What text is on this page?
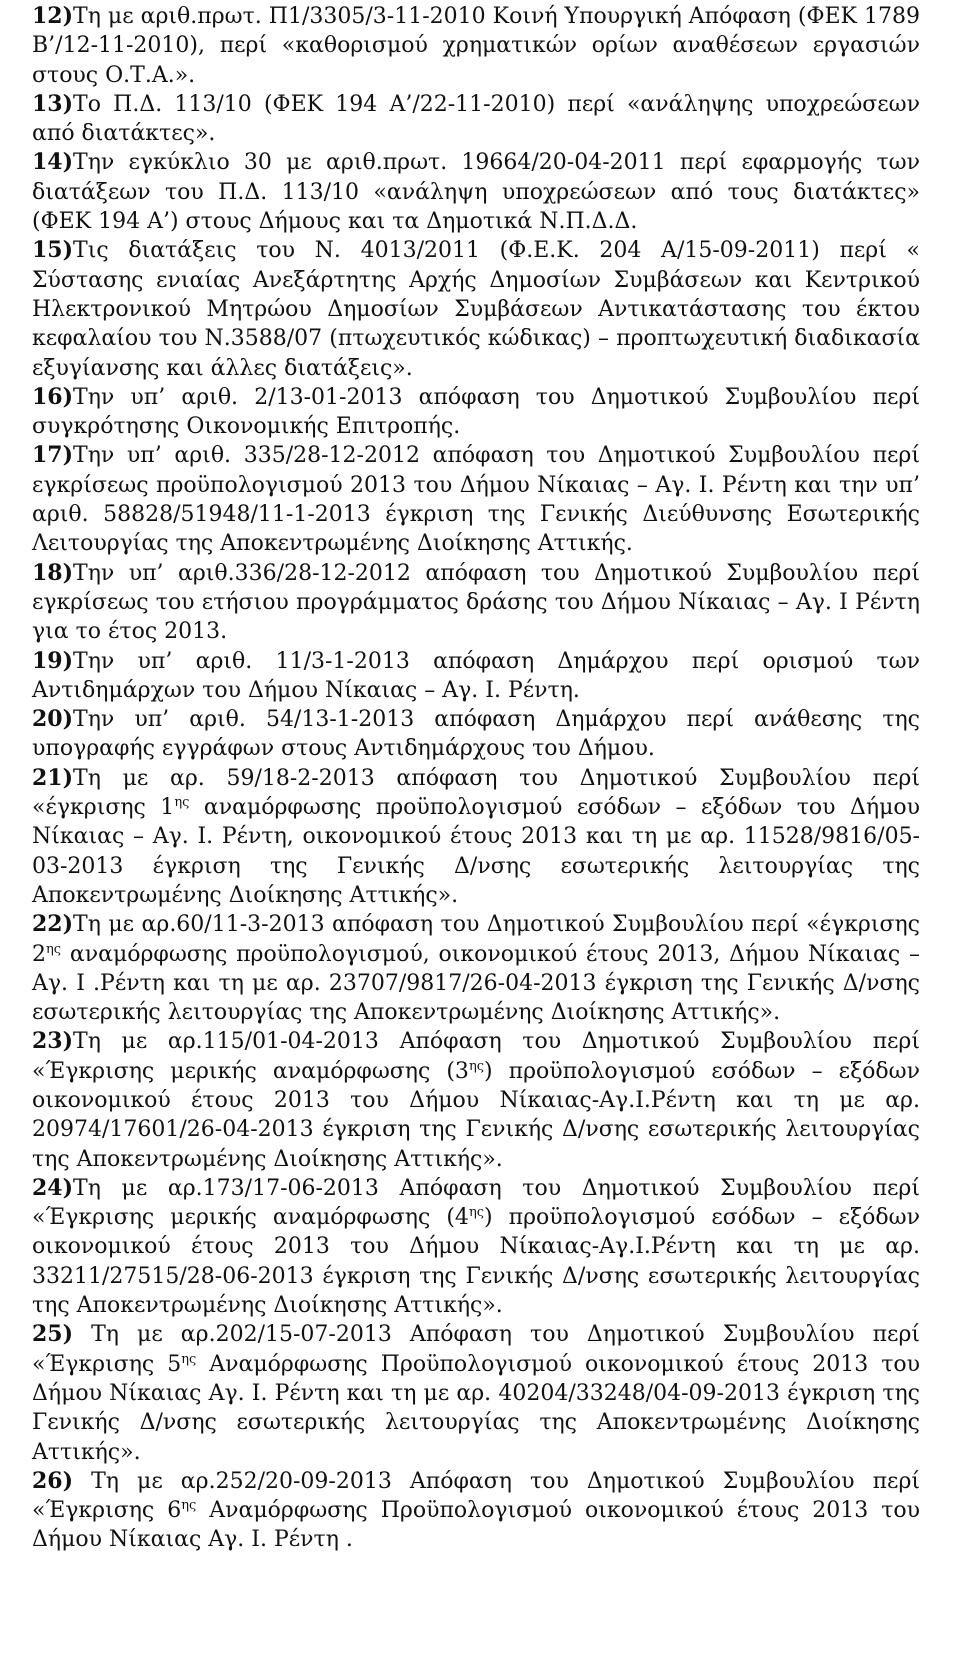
12)Τη με αριθ.πρωτ. Π1/3305/3-11-2010 Κοινή Υπουργική Απόφαση (ΦΕΚ 1789 Β’/12-11-2010), περί «καθορισμού χρηματικών ορίων αναθέσεων εργασιών στους Ο.Τ.Α.».

13)Το Π.Δ. 113/10 (ΦΕΚ 194 Α’/22-11-2010) περί «ανάληψης υποχρεώσεων από διατάκτες».

14)Την εγκύκλιο 30 με αριθ.πρωτ. 19664/20-04-2011 περί εφαρμογής των διατάξεων του Π.Δ. 113/10 «ανάληψη υποχρεώσεων από τους διατάκτες» (ΦΕΚ 194 Α’) στους Δήμους και τα Δημοτικά Ν.Π.Δ.Δ.

15)Τις διατάξεις του Ν. 4013/2011 (Φ.Ε.Κ. 204 Α/15-09-2011) περί « Σύστασης ενιαίας Ανεξάρτητης Αρχής Δημοσίων Συμβάσεων και Κεντρικού Ηλεκτρονικού Μητρώου Δημοσίων Συμβάσεων Αντικατάστασης του έκτου κεφαλαίου του Ν.3588/07 (πτωχευτικός κώδικας) – προπτωχευτική διαδικασία εξυγίανσης και άλλες διατάξεις».

16)Την υπ’ αριθ. 2/13-01-2013 απόφαση του Δημοτικού Συμβουλίου περί συγκρότησης Οικονομικής Επιτροπής.

17)Την υπ’ αριθ. 335/28-12-2012 απόφαση του Δημοτικού Συμβουλίου περί εγκρίσεως προϋπολογισμού 2013 του Δήμου Νίκαιας – Αγ. Ι. Ρέντη και την υπ’ αριθ. 58828/51948/11-1-2013 έγκριση της Γενικής Διεύθυνσης Εσωτερικής Λειτουργίας της Αποκεντρωμένης Διοίκησης Αττικής.

18)Την υπ’ αριθ.336/28-12-2012 απόφαση του Δημοτικού Συμβουλίου περί εγκρίσεως του ετήσιου προγράμματος δράσης του Δήμου Νίκαιας – Αγ. Ι Ρέντη για το έτος 2013.

19)Την υπ’ αριθ. 11/3-1-2013 απόφαση Δημάρχου περί ορισμού των Αντιδημάρχων του Δήμου Νίκαιας – Αγ. Ι. Ρέντη.

20)Την υπ’ αριθ. 54/13-1-2013 απόφαση Δημάρχου περί ανάθεσης της υπογραφής εγγράφων στους Αντιδημάρχους του Δήμου.

21)Τη με αρ. 59/18-2-2013 απόφαση του Δημοτικού Συμβουλίου περί «έγκρισης $1^{\eta\varsigma}$ αναμόρφωσης προϋπολογισμού εσόδων – εξόδων του Δήμου Νίκαιας – Αγ. Ι. Ρέντη, οικονομικού έτους 2013 και τη με αρ. 11528/9816/05-03-2013 έγκριση της Γενικής Δ/νσης εσωτερικής λειτουργίας της Αποκεντρωμένης Διοίκησης Αττικής».

22)Τη με αρ.60/11-3-2013 απόφαση του Δημοτικού Συμβουλίου περί «έγκρισης $2^{\eta\varsigma}$ αναμόρφωσης προϋπολογισμού, οικονομικού έτους 2013, Δήμου Νίκαιας – Αγ. Ι .Ρέντη και τη με αρ. 23707/9817/26-04-2013 έγκριση της Γενικής Δ/νσης εσωτερικής λειτουργίας της Αποκεντρωμένης Διοίκησης Αττικής».

23)Τη με αρ.115/01-04-2013 Απόφαση του Δημοτικού Συμβουλίου περί «Έγκρισης μερικής αναμόρφωσης $(3^{\eta\varsigma})$ προϋπολογισμού εσόδων – εξόδων οικονομικού έτους 2013 του Δήμου Νίκαιας-Αγ.Ι.Ρέντη και τη με αρ. 20974/17601/26-04-2013 έγκριση της Γενικής Δ/νσης εσωτερικής λειτουργίας της Αποκεντρωμένης Διοίκησης Αττικής».

24)Τη με αρ.173/17-06-2013 Απόφαση του Δημοτικού Συμβουλίου περί «Έγκρισης μερικής αναμόρφωσης $(4^{\eta\varsigma})$ προϋπολογισμού εσόδων – εξόδων οικονομικού έτους 2013 του Δήμου Νίκαιας-Αγ.Ι.Ρέντη και τη με αρ. 33211/27515/28-06-2013 έγκριση της Γενικής Δ/νσης εσωτερικής λειτουργίας της Αποκεντρωμένης Διοίκησης Αττικής».

25) Τη με αρ.202/15-07-2013 Απόφαση του Δημοτικού Συμβουλίου περί «Έγκρισης $5^{\eta\varsigma}$ Αναμόρφωσης Προϋπολογισμού οικονομικού έτους 2013 του Δήμου Νίκαιας Αγ. Ι. Ρέντη και τη με αρ. 40204/33248/04-09-2013 έγκριση της Γενικής Δ/νσης εσωτερικής λειτουργίας της Αποκεντρωμένης Διοίκησης Αττικής».

26) Τη με αρ.252/20-09-2013 Απόφαση του Δημοτικού Συμβουλίου περί «Έγκρισης $6^{\eta\varsigma}$ Αναμόρφωσης Προϋπολογισμού οικονομικού έτους 2013 του Δήμου Νίκαιας Αγ. Ι. Ρέντη .
